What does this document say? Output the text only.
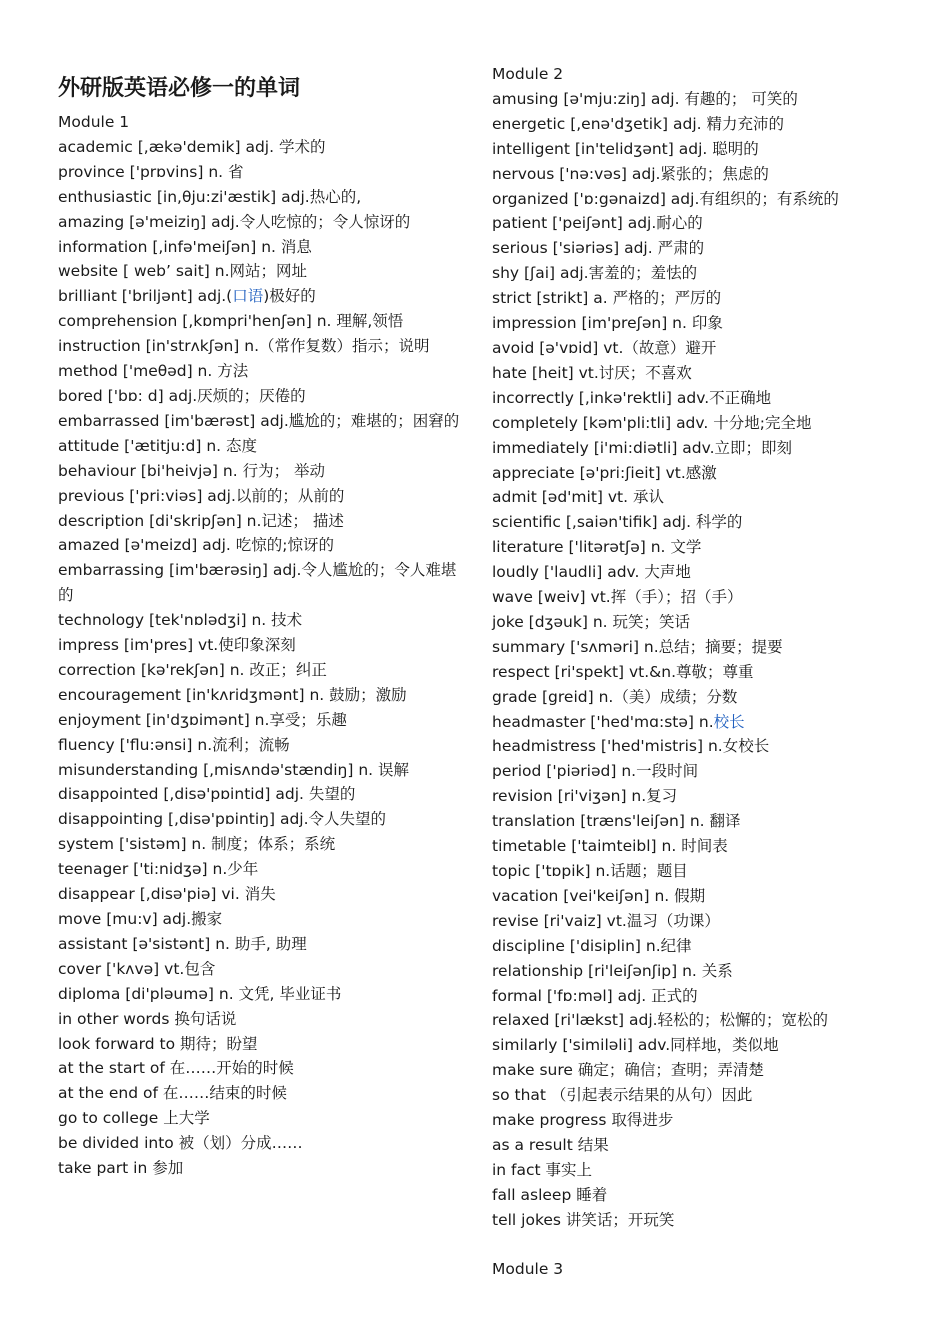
外研版英语必修一的单词
Module 1
academic [,ækə'demik] adj. 学术的
province ['prɒvins] n. 省
enthusiastic [in,θju:zi'æstik] adj.热心的,
amazing [ə'meiziŋ] adj.令人吃惊的；令人惊讶的
information [,infə'meiʃən] n. 消息
website [ web’ sait] n.网站；网址
brilliant ['briljənt] adj.(口语)极好的
comprehension [,kɒmpri'henʃən] n. 理解,领悟
instruction [in'strʌkʃən] n.（常作复数）指示；说明
method ['meθəd] n. 方法
bored ['bɒ: d] adj.厌烦的；厌倦的
embarrassed [im'bærəst] adj.尴尬的；难堪的；困窘的
attitude ['ætitju:d] n. 态度
behaviour [bi'heivjə] n. 行为； 举动
previous ['pri:viəs] adj.以前的；从前的
description [di'skripʃən] n.记述； 描述
amazed [ə'meizd] adj. 吃惊的;惊讶的
embarrassing [im'bærəsiŋ] adj.令人尴尬的；令人难堪的
technology [tek'nɒlədʒi] n. 技术
impress [im'pres] vt.使印象深刻
correction [kə'rekʃən] n. 改正；纠正
encouragement [in'kʌridʒmənt] n. 鼓励；激励
enjoyment [in'dʒɒimənt] n.享受；乐趣
fluency ['flu:ənsi] n.流利；流畅
misunderstanding [,misʌndə'stændiŋ] n. 误解
disappointed [,disə'pɒintid] adj. 失望的
disappointing [,disə'pɒintiŋ] adj.令人失望的
system ['sistəm] n. 制度；体系；系统
teenager ['ti:nidʒə] n.少年
disappear [,disə'piə] vi. 消失
move [mu:v] adj.搬家
assistant [ə'sistənt] n. 助手, 助理
cover ['kʌvə] vt.包含
diploma [di'pləumə] n. 文凭, 毕业证书
in other words 换句话说
look forward to 期待；盼望
at the start of 在……开始的时候
at the end of 在……结束的时候
go to college 上大学
be divided into 被（划）分成……
take part in 参加
Module 2
amusing [ə'mju:ziŋ] adj. 有趣的； 可笑的
energetic [,enə'dʒetik] adj. 精力充沛的
intelligent [in'telidʒənt] adj. 聪明的
nervous ['nə:vəs] adj.紧张的；焦虑的
organized ['ɒ:gənaizd] adj.有组织的；有系统的
patient ['peiʃənt] adj.耐心的
serious ['siəriəs] adj. 严肃的
shy [ʃai] adj.害羞的；羞怯的
strict [strikt] a. 严格的；严厉的
impression [im'preʃən] n. 印象
avoid [ə'vɒid] vt.（故意）避开
hate [heit] vt.讨厌；不喜欢
incorrectly [,inkə'rektli] adv.不正确地
completely [kəm'pli:tli] adv. 十分地;完全地
immediately [i'mi:diətli] adv.立即；即刻
appreciate [ə'pri:ʃieit] vt.感激
admit [əd'mit] vt. 承认
scientific [,saiən'tifik] adj. 科学的
literature ['litərətʃə] n. 文学
loudly ['laudli] adv. 大声地
wave [weiv] vt.挥（手）；招（手）
joke [dʒəuk] n. 玩笑；笑话
summary ['sʌməri] n.总结；摘要；提要
respect [ri'spekt] vt.&n.尊敬；尊重
grade [greid] n.（美）成绩；分数
headmaster ['hed'mɑ:stə] n.校长
headmistress ['hed'mistris] n.女校长
period ['piəriəd] n.一段时间
revision [ri'viʒən] n.复习
translation [træns'leiʃən] n. 翻译
timetable ['taimteibl] n. 时间表
topic ['tɒpik] n.话题；题目
vacation [vei'keiʃən] n. 假期
revise [ri'vaiz] vt.温习（功课）
discipline ['disiplin] n.纪律
relationship [ri'leiʃənʃip] n. 关系
formal ['fɒ:məl] adj. 正式的
relaxed [ri'lækst] adj.轻松的；松懈的；宽松的
similarly ['similəli] adv.同样地，类似地
make sure 确定；确信；查明；弄清楚
so that （引起表示结果的从句）因此
make progress 取得进步
as a result 结果
in fact 事实上
fall asleep 睡着
tell jokes 讲笑话；开玩笑
Module 3
